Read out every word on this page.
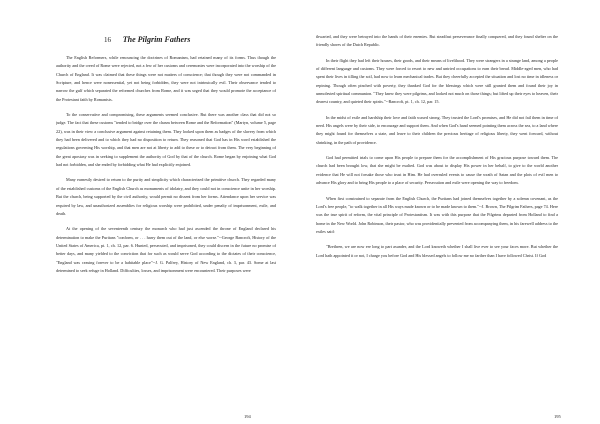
16 The Pilgrim Fathers

The English Reformers, while renouncing the doctrines of Romanism, had retained many of its forms. Thus though the authority and the creed of Rome were rejected, not a few of her customs and ceremonies were incorporated into the worship of the Church of England. It was claimed that these things were not matters of conscience; that though they were not commanded in Scripture, and hence were nonessential, yet not being forbidden, they were not intrinsically evil. Their observance tended to narrow the gulf which separated the reformed churches from Rome, and it was urged that they would promote the acceptance of the Protestant faith by Romanists.

To the conservative and compromising, these arguments seemed conclusive. But there was another class that did not so judge. The fact that these customs "tended to bridge over the chasm between Rome and the Reformation" (Martyn, volume 5, page 22), was in their view a conclusive argument against retaining them. They looked upon them as badges of the slavery from which they had been delivered and to which they had no disposition to return. They reasoned that God has in His word established the regulations governing His worship, and that men are not at liberty to add to these or to detract from them. The very beginning of the great apostasy was in seeking to supplement the authority of God by that of the church. Rome began by enjoining what God had not forbidden, and she ended by forbidding what He had explicitly enjoined.

Many earnestly desired to return to the purity and simplicity which characterized the primitive church. They regarded many of the established customs of the English Church as monuments of idolatry, and they could not in conscience unite in her worship. But the church, being supported by the civil authority, would permit no dissent from her forms. Attendance upon her service was required by law, and unauthorized assemblies for religious worship were prohibited, under penalty of imprisonment, exile, and death.

At the opening of the seventeenth century the monarch who had just ascended the throne of England declared his determination to make the Puritans "conform, or . . . harry them out of the land, or else worse."--George Bancroft, History of the United States of America, pt. 1, ch. 12, par. 6. Hunted, persecuted, and imprisoned, they could discern in the future no promise of better days, and many yielded to the conviction that for such as would serve God according to the dictates of their conscience, "England was ceasing forever to be a habitable place"--J. G. Palfrey, History of New England, ch. 3, par. 43. Some at last determined to seek refuge in Holland. Difficulties, losses, and imprisonment were encountered. Their purposes were

194

thwarted, and they were betrayed into the hands of their enemies. But steadfast perseverance finally conquered, and they found shelter on the friendly shores of the Dutch Republic.

In their flight they had left their houses, their goods, and their means of livelihood. They were strangers in a strange land, among a people of different language and customs. They were forced to resort to new and untried occupations to earn their bread. Middle-aged men, who had spent their lives in tilling the soil, had now to learn mechanical trades. But they cheerfully accepted the situation and lost no time in idleness or repining. Though often pinched with poverty, they thanked God for the blessings which were still granted them and found their joy in unmolested spiritual communion. "They knew they were pilgrims, and looked not much on those things; but lifted up their eyes to heaven, their dearest country, and quieted their spirits."--Bancroft, pt. 1, ch. 12, par. 15.

In the midst of exile and hardship their love and faith waxed strong. They trusted the Lord's promises, and He did not fail them in time of need. His angels were by their side, to encourage and support them. And when God's hand seemed pointing them across the sea, to a land where they might found for themselves a state, and leave to their children the precious heritage of religious liberty, they went forward, without shrinking, in the path of providence.

God had permitted trials to come upon His people to prepare them for the accomplishment of His gracious purpose toward them. The church had been brought low, that she might be exalted. God was about to display His power in her behalf, to give to the world another evidence that He will not forsake those who trust in Him. He had overruled events to cause the wrath of Satan and the plots of evil men to advance His glory and to bring His people to a place of security. Persecution and exile were opening the way to freedom.

When first constrained to separate from the English Church, the Puritans had joined themselves together by a solemn covenant, as the Lord's free people, "to walk together in all His ways made known or to be made known to them."--J. Brown, The Pilgrim Fathers, page 74. Here was the true spirit of reform, the vital principle of Protestantism. It was with this purpose that the Pilgrims departed from Holland to find a home in the New World. John Robinson, their pastor, who was providentially prevented from accompanying them, in his farewell address to the exiles said:

"Brethren, we are now ere long to part asunder, and the Lord knoweth whether I shall live ever to see your faces more. But whether the Lord hath appointed it or not, I charge you before God and His blessed angels to follow me no farther than I have followed Christ. If God

195
